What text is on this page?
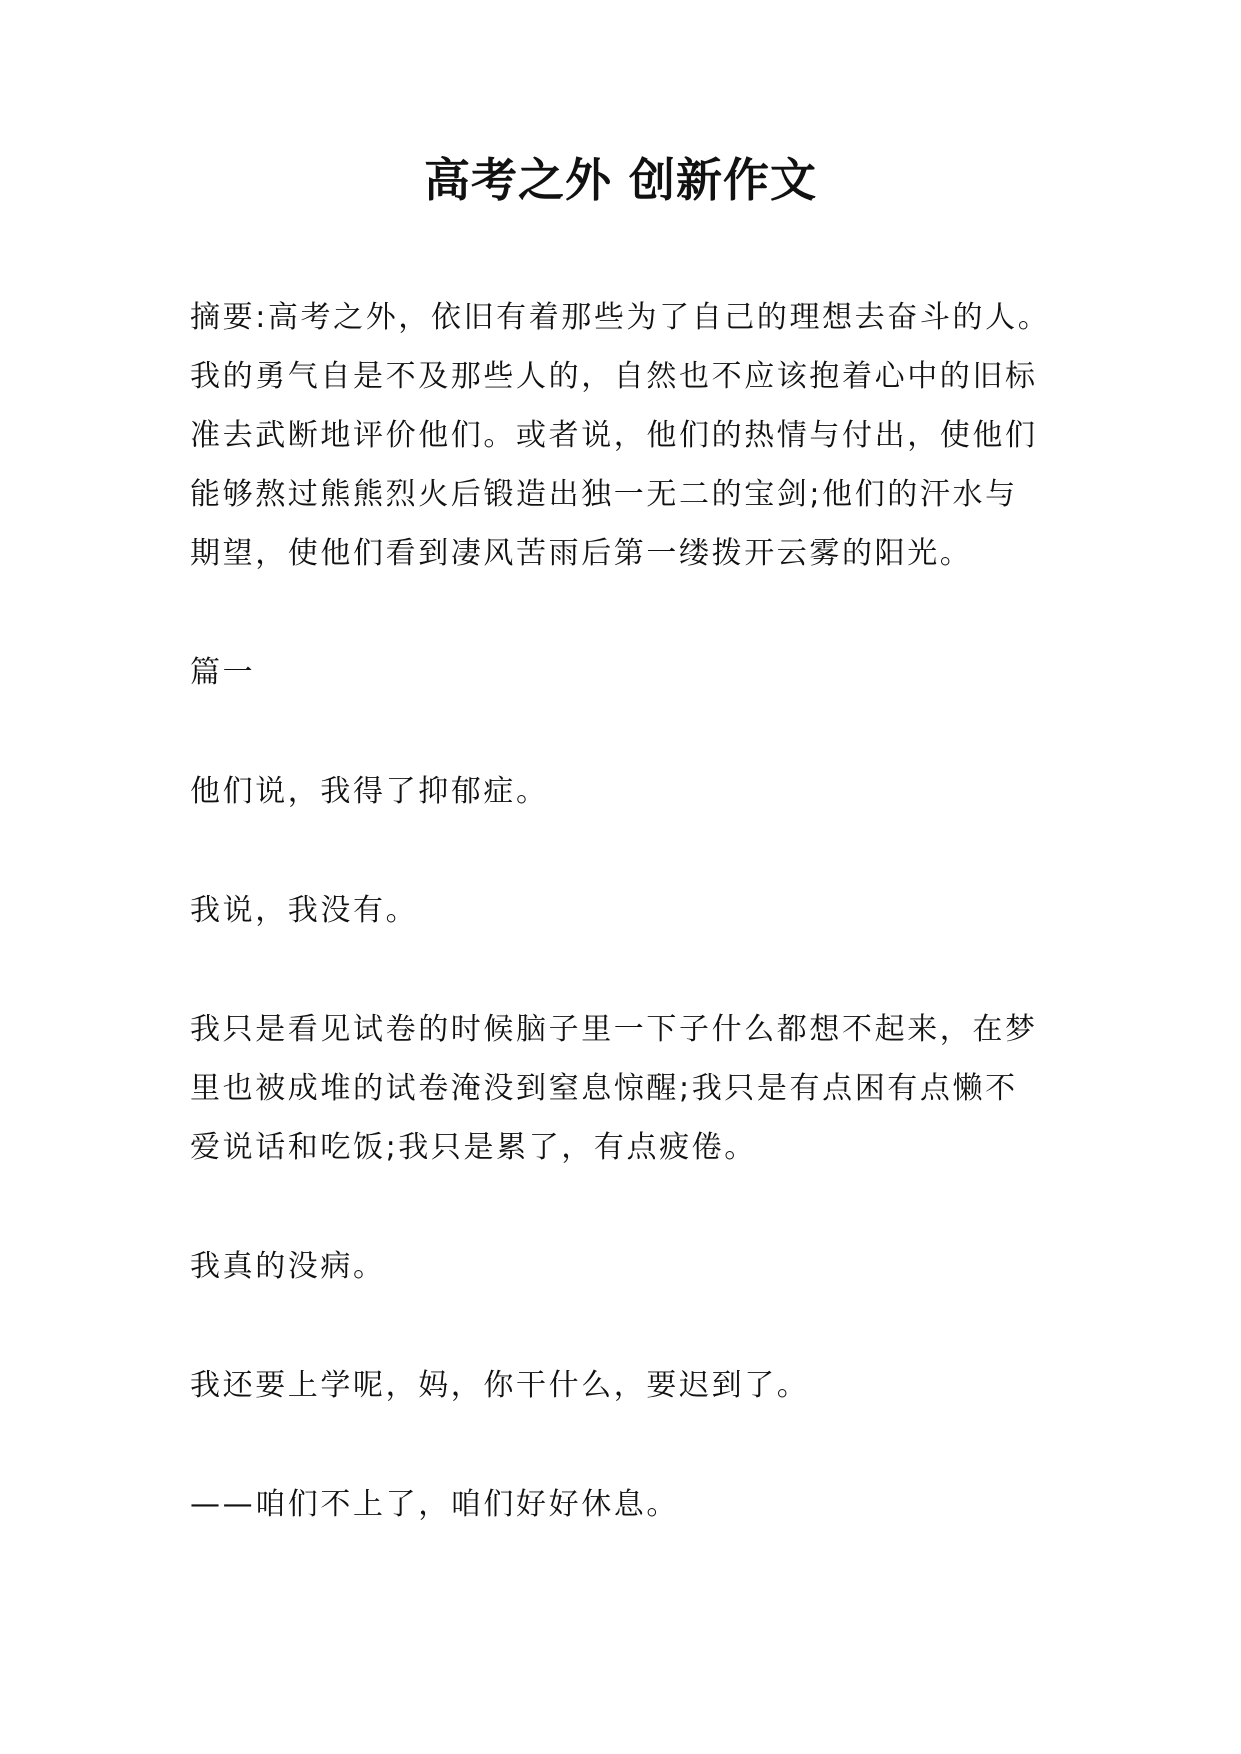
高考之外 创新作文

摘要:高考之外，依旧有着那些为了自己的理想去奋斗的人。
我的勇气自是不及那些人的，自然也不应该抱着心中的旧标
准去武断地评价他们。或者说，他们的热情与付出，使他们
能够熬过熊熊烈火后锻造出独一无二的宝剑;他们的汗水与
期望，使他们看到凄风苦雨后第一缕拨开云雾的阳光。

篇一

他们说，我得了抑郁症。

我说，我没有。

我只是看见试卷的时候脑子里一下子什么都想不起来，在梦
里也被成堆的试卷淹没到窒息惊醒;我只是有点困有点懒不
爱说话和吃饭;我只是累了，有点疲倦。

我真的没病。

我还要上学呢，妈，你干什么，要迟到了。

——咱们不上了，咱们好好休息。
